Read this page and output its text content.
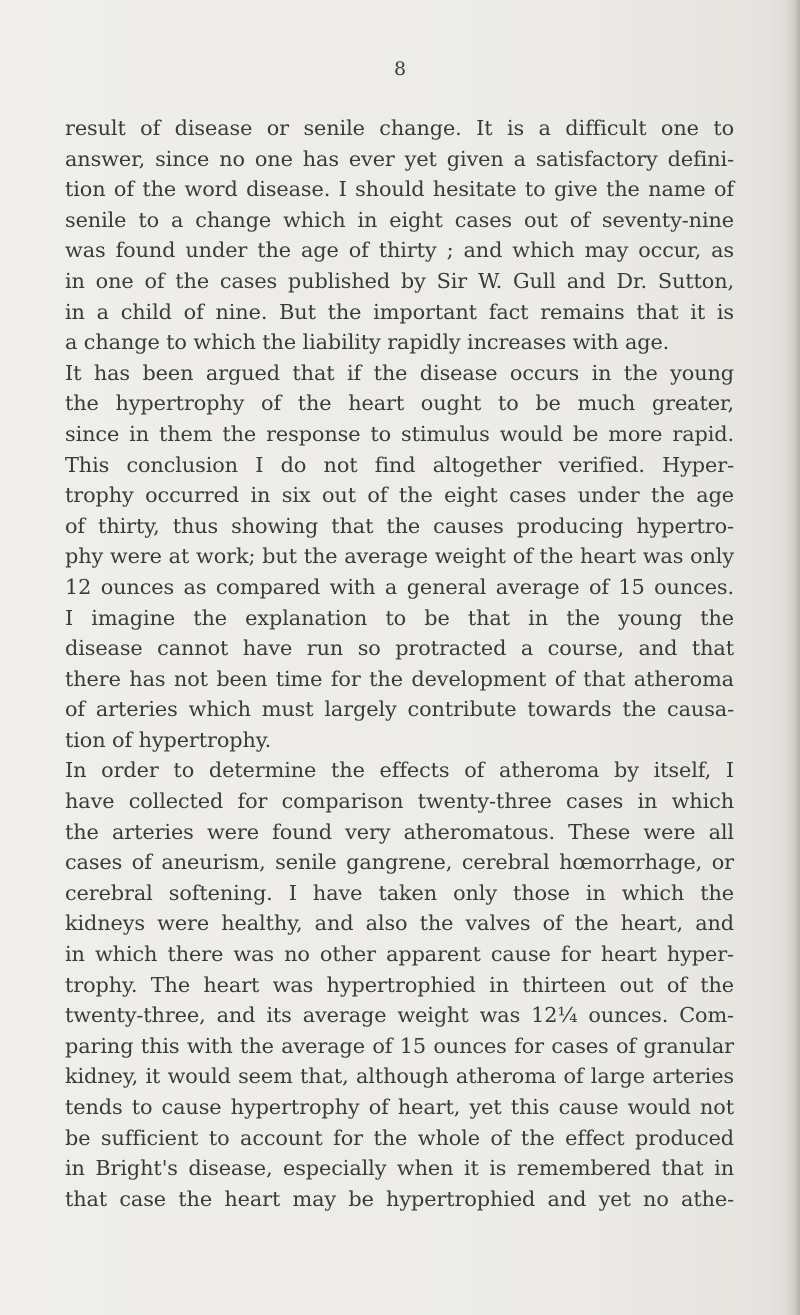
8
result of disease or senile change. It is a difficult one to
answer, since no one has ever yet given a satisfactory defini-
tion of the word disease. I should hesitate to give the name of
senile to a change which in eight cases out of seventy-nine
was found under the age of thirty ; and which may occur, as
in one of the cases published by Sir W. Gull and Dr. Sutton,
in a child of nine. But the important fact remains that it is
a change to which the liability rapidly increases with age.
It has been argued that if the disease occurs in the young
the hypertrophy of the heart ought to be much greater,
since in them the response to stimulus would be more rapid.
This conclusion I do not find altogether verified. Hyper-
trophy occurred in six out of the eight cases under the age
of thirty, thus showing that the causes producing hypertro-
phy were at work; but the average weight of the heart was only
12 ounces as compared with a general average of 15 ounces.
I imagine the explanation to be that in the young the
disease cannot have run so protracted a course, and that
there has not been time for the development of that atheroma
of arteries which must largely contribute towards the causa-
tion of hypertrophy.
In order to determine the effects of atheroma by itself, I
have collected for comparison twenty-three cases in which
the arteries were found very atheromatous. These were all
cases of aneurism, senile gangrene, cerebral hœmorrhage, or
cerebral softening. I have taken only those in which the
kidneys were healthy, and also the valves of the heart, and
in which there was no other apparent cause for heart hyper-
trophy. The heart was hypertrophied in thirteen out of the
twenty-three, and its average weight was 12¼ ounces. Com-
paring this with the average of 15 ounces for cases of granular
kidney, it would seem that, although atheroma of large arteries
tends to cause hypertrophy of heart, yet this cause would not
be sufficient to account for the whole of the effect produced
in Bright's disease, especially when it is remembered that in
that case the heart may be hypertrophied and yet no athe-
